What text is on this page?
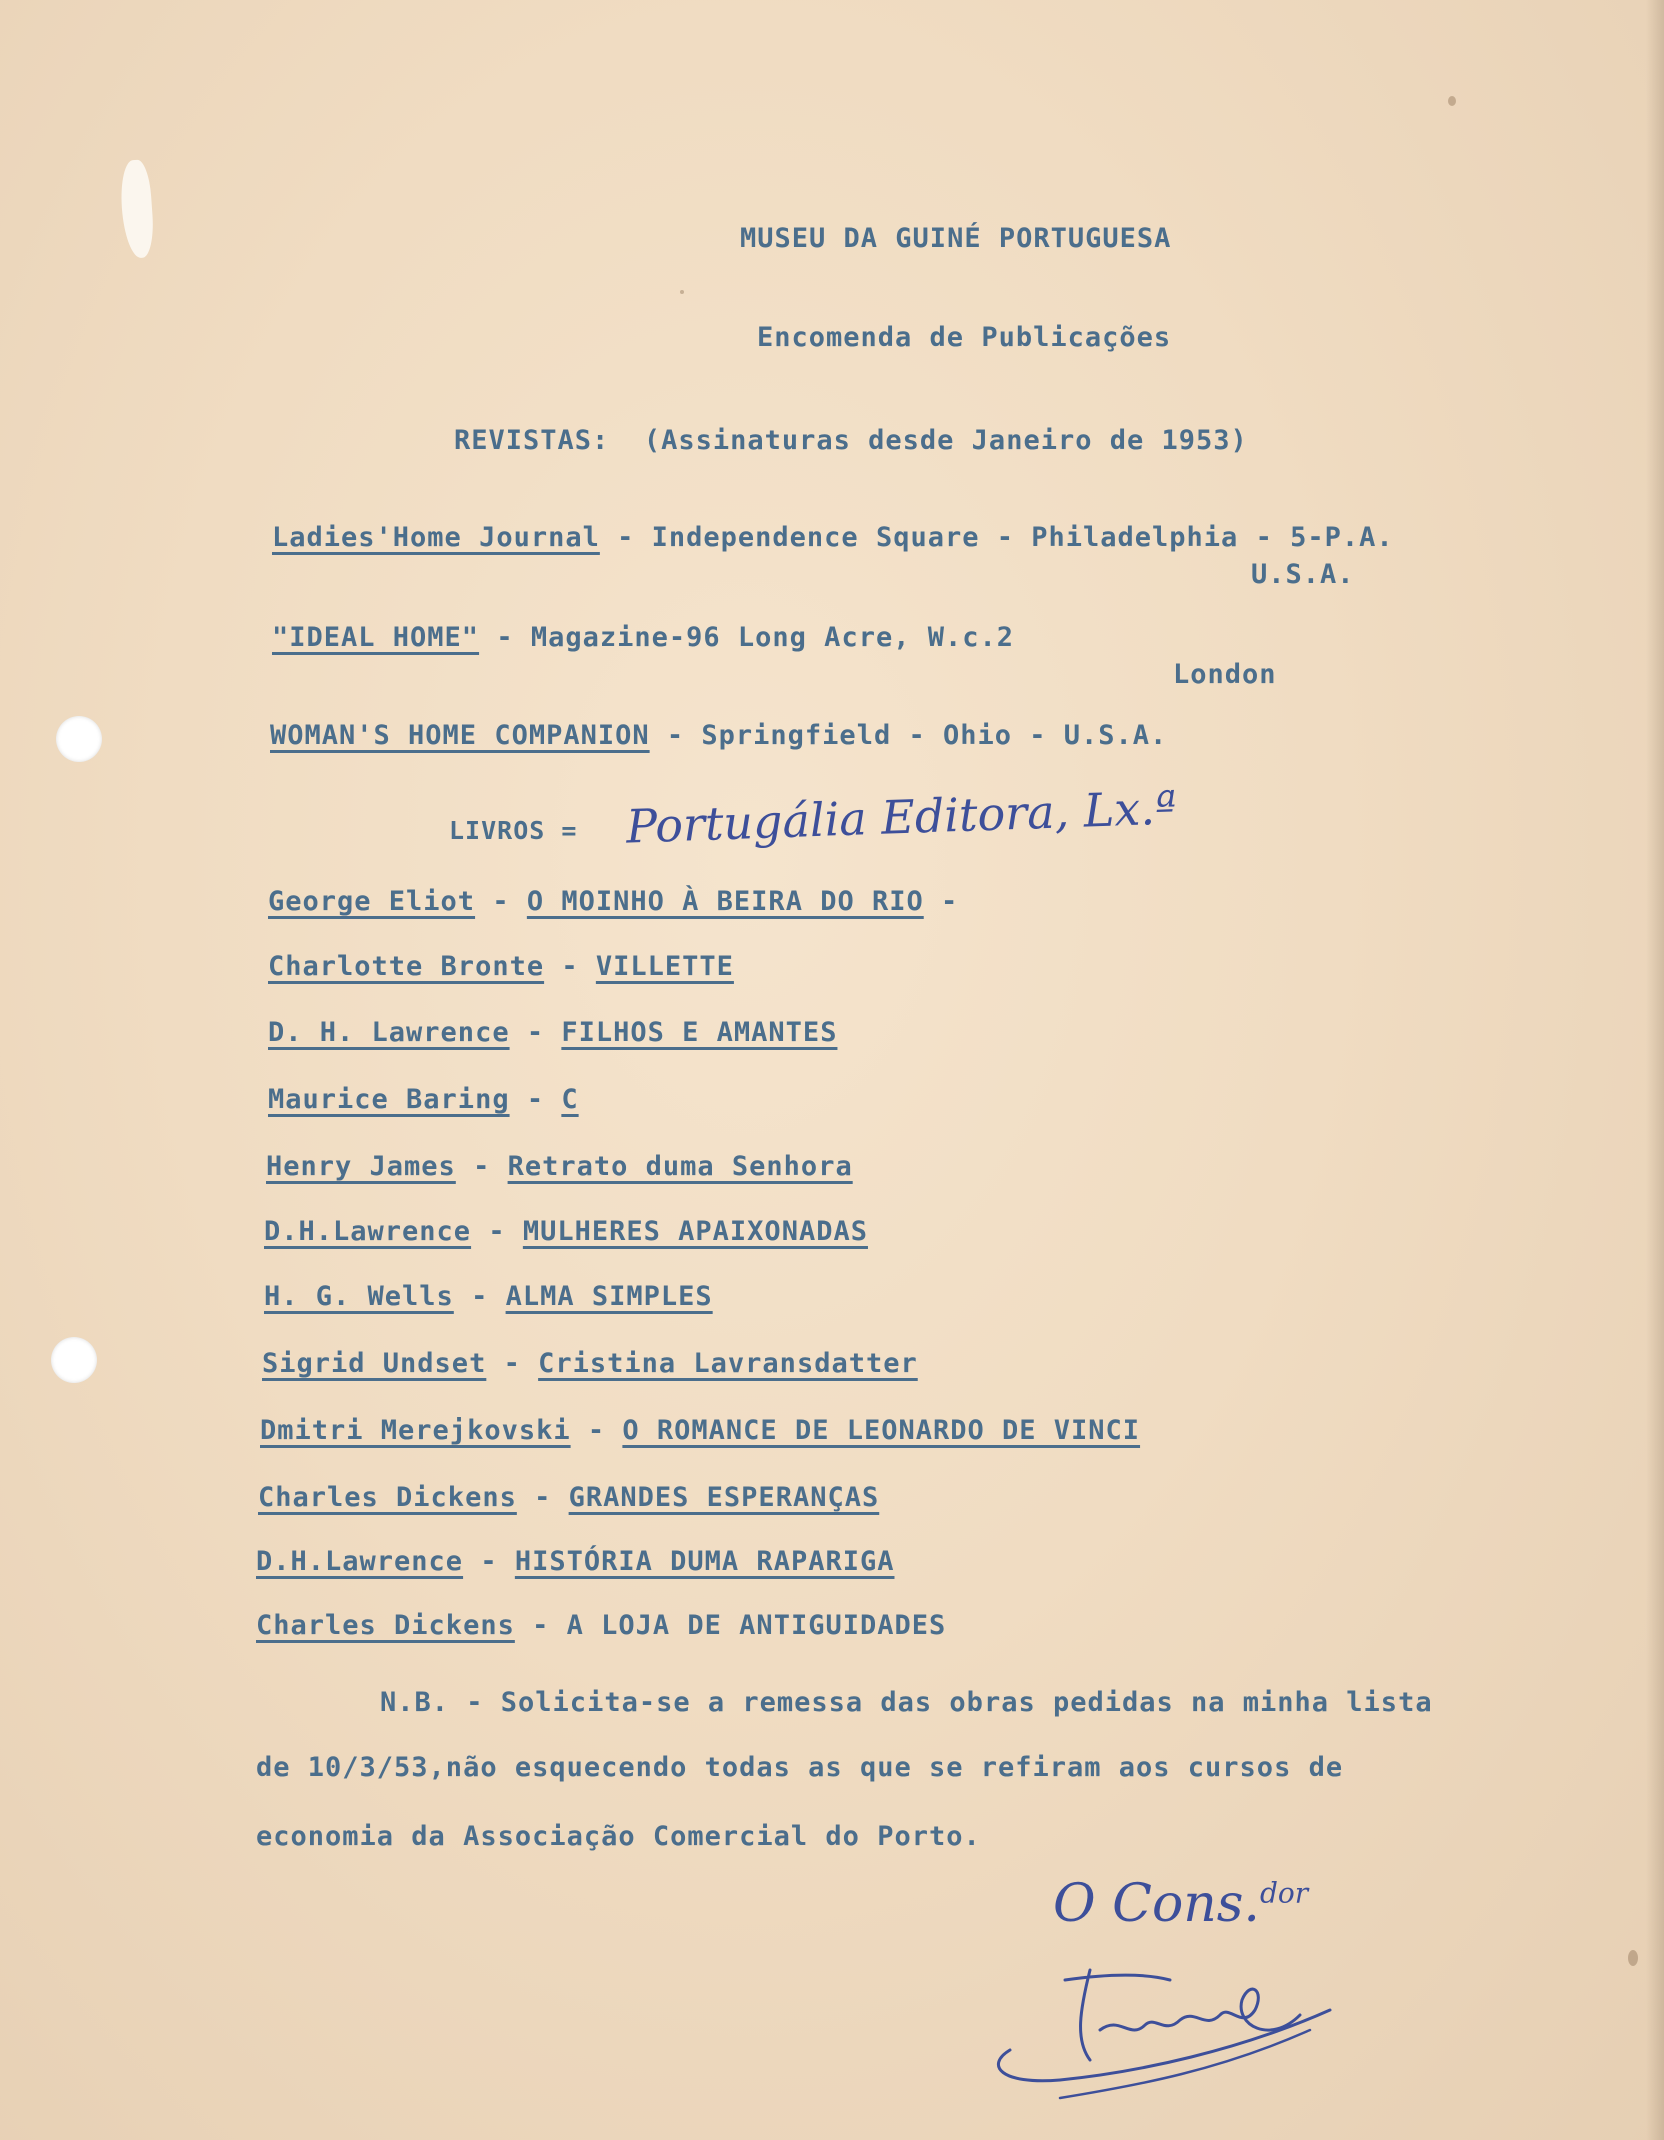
MUSEU DA GUINÉ PORTUGUESA
Encomenda de Publicações
REVISTAS: (Assinaturas desde Janeiro de 1953)
Ladies'Home Journal - Independence Square - Philadelphia - 5-P.A.
U.S.A.
"IDEAL HOME" - Magazine-96 Long Acre, W.c.2
London
WOMAN'S HOME COMPANION - Springfield - Ohio - U.S.A.
LIVROS = Portugália Editora, Lx.ª
George Eliot - O MOINHO À BEIRA DO RIO -
Charlotte Bronte - VILLETTE
D. H. Lawrence - FILHOS E AMANTES
Maurice Baring - C
Henry James - Retrato duma Senhora
D.H.Lawrence - MULHERES APAIXONADAS
H. G. Wells - ALMA SIMPLES
Sigrid Undset - Cristina Lavransdatter
Dmitri Merejkovski - O ROMANCE DE LEONARDO DE VINCI
Charles Dickens - GRANDES ESPERANÇAS
D.H.Lawrence - HISTÓRIA DUMA RAPARIGA
Charles Dickens - A LOJA DE ANTIGUIDADES
N.B. - Solicita-se a remessa das obras pedidas na minha lista
de 10/3/53,não esquecendo todas as que se refiram aos cursos de
economia da Associação Comercial do Porto.
O Cons.$^{dor}$
